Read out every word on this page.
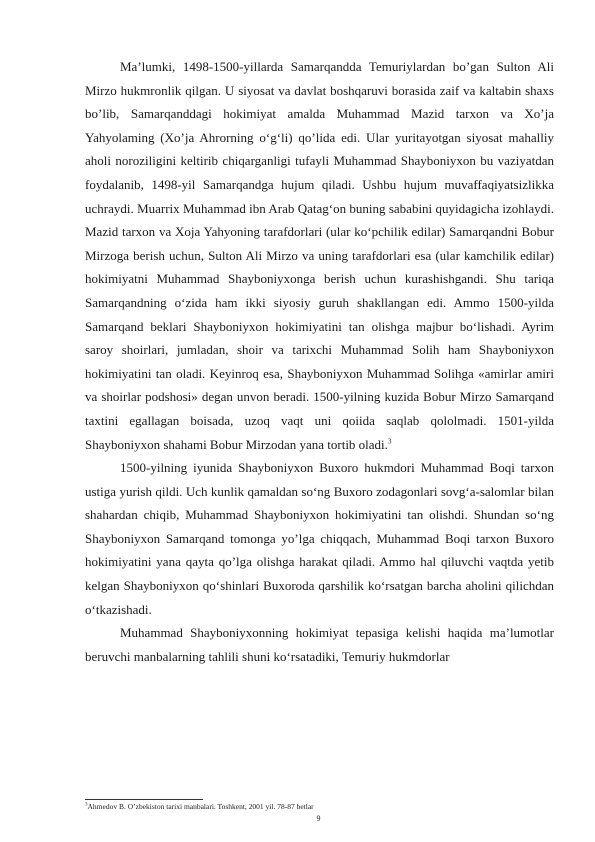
Ma’lumki, 1498-1500-yillarda Samarqandda Temuriylardan bo’gan Sulton Ali Mirzo hukmronlik qilgan. U siyosat va davlat boshqaruvi borasida zaif va kaltabin shaxs bo’lib, Samarqanddagi hokimiyat amalda Muhammad Mazid tarxon va Xo’ja Yahyolaming (Xo’ja Ahrorning o‘g‘li) qo’lida edi. Ular yuritayotgan siyosat mahalliy aholi noroziligini keltirib chiqarganligi tufayli Muhammad Shayboniyxon bu vaziyatdan foydalanib, 1498-yil Samarqandga hujum qiladi. Ushbu hujum muvaffaqiyatsizlikka uchraydi. Muarrix Muhammad ibn Arab Qatag‘on buning sababini quyidagicha izohlaydi. Mazid tarxon va Xoja Yahyoning tarafdorlari (ular ko‘pchilik edilar) Samarqandni Bobur Mirzoga berish uchun, Sulton Ali Mirzo va uning tarafdorlari esa (ular kamchilik edilar) hokimiyatni Muhammad Shayboniyxonga berish uchun kurashishgandi. Shu tariqa Samarqandning o‘zida ham ikki siyosiy guruh shakllangan edi. Ammo 1500-yilda Samarqand beklari Shayboniyxon hokimiyatini tan olishga majbur bo‘lishadi. Ayrim saroy shoirlari, jumladan, shoir va tarixchi Muhammad Solih ham Shayboniyxon hokimiyatini tan oladi. Keyinroq esa, Shayboniyxon Muhammad Solihga «amirlar amiri va shoirlar podshosi» degan unvon beradi. 1500-yilning kuzida Bobur Mirzo Samarqand taxtini egallagan boisada, uzoq vaqt uni qoiida saqlab qololmadi. 1501-yilda Shayboniyxon shahami Bobur Mirzodan yana tortib oladi.$^3$

1500-yilning iyunida Shayboniyxon Buxoro hukmdori Muhammad Boqi tarxon ustiga yurish qildi. Uch kunlik qamaldan so‘ng Buxoro zodagonlari sovg‘a-salomlar bilan shahardan chiqib, Muhammad Shayboniyxon hokimiyatini tan olishdi. Shundan so‘ng Shayboniyxon Samarqand tomonga yo’lga chiqqach, Muhammad Boqi tarxon Buxoro hokimiyatini yana qayta qo’lga olishga harakat qiladi. Ammo hal qiluvchi vaqtda yetib kelgan Shayboniyxon qo‘shinlari Buxoroda qarshilik ko‘rsatgan barcha aholini qilichdan o‘tkazishadi.

Muhammad Shayboniyxonning hokimiyat tepasiga kelishi haqida ma’lumotlar beruvchi manbalarning tahlili shuni ko‘rsatadiki, Temuriy hukmdorlar

$^3$Ahmedov B. O’zbekiston tarixi manbalari. Toshkent, 2001 yil. 78-87 betlar
9
